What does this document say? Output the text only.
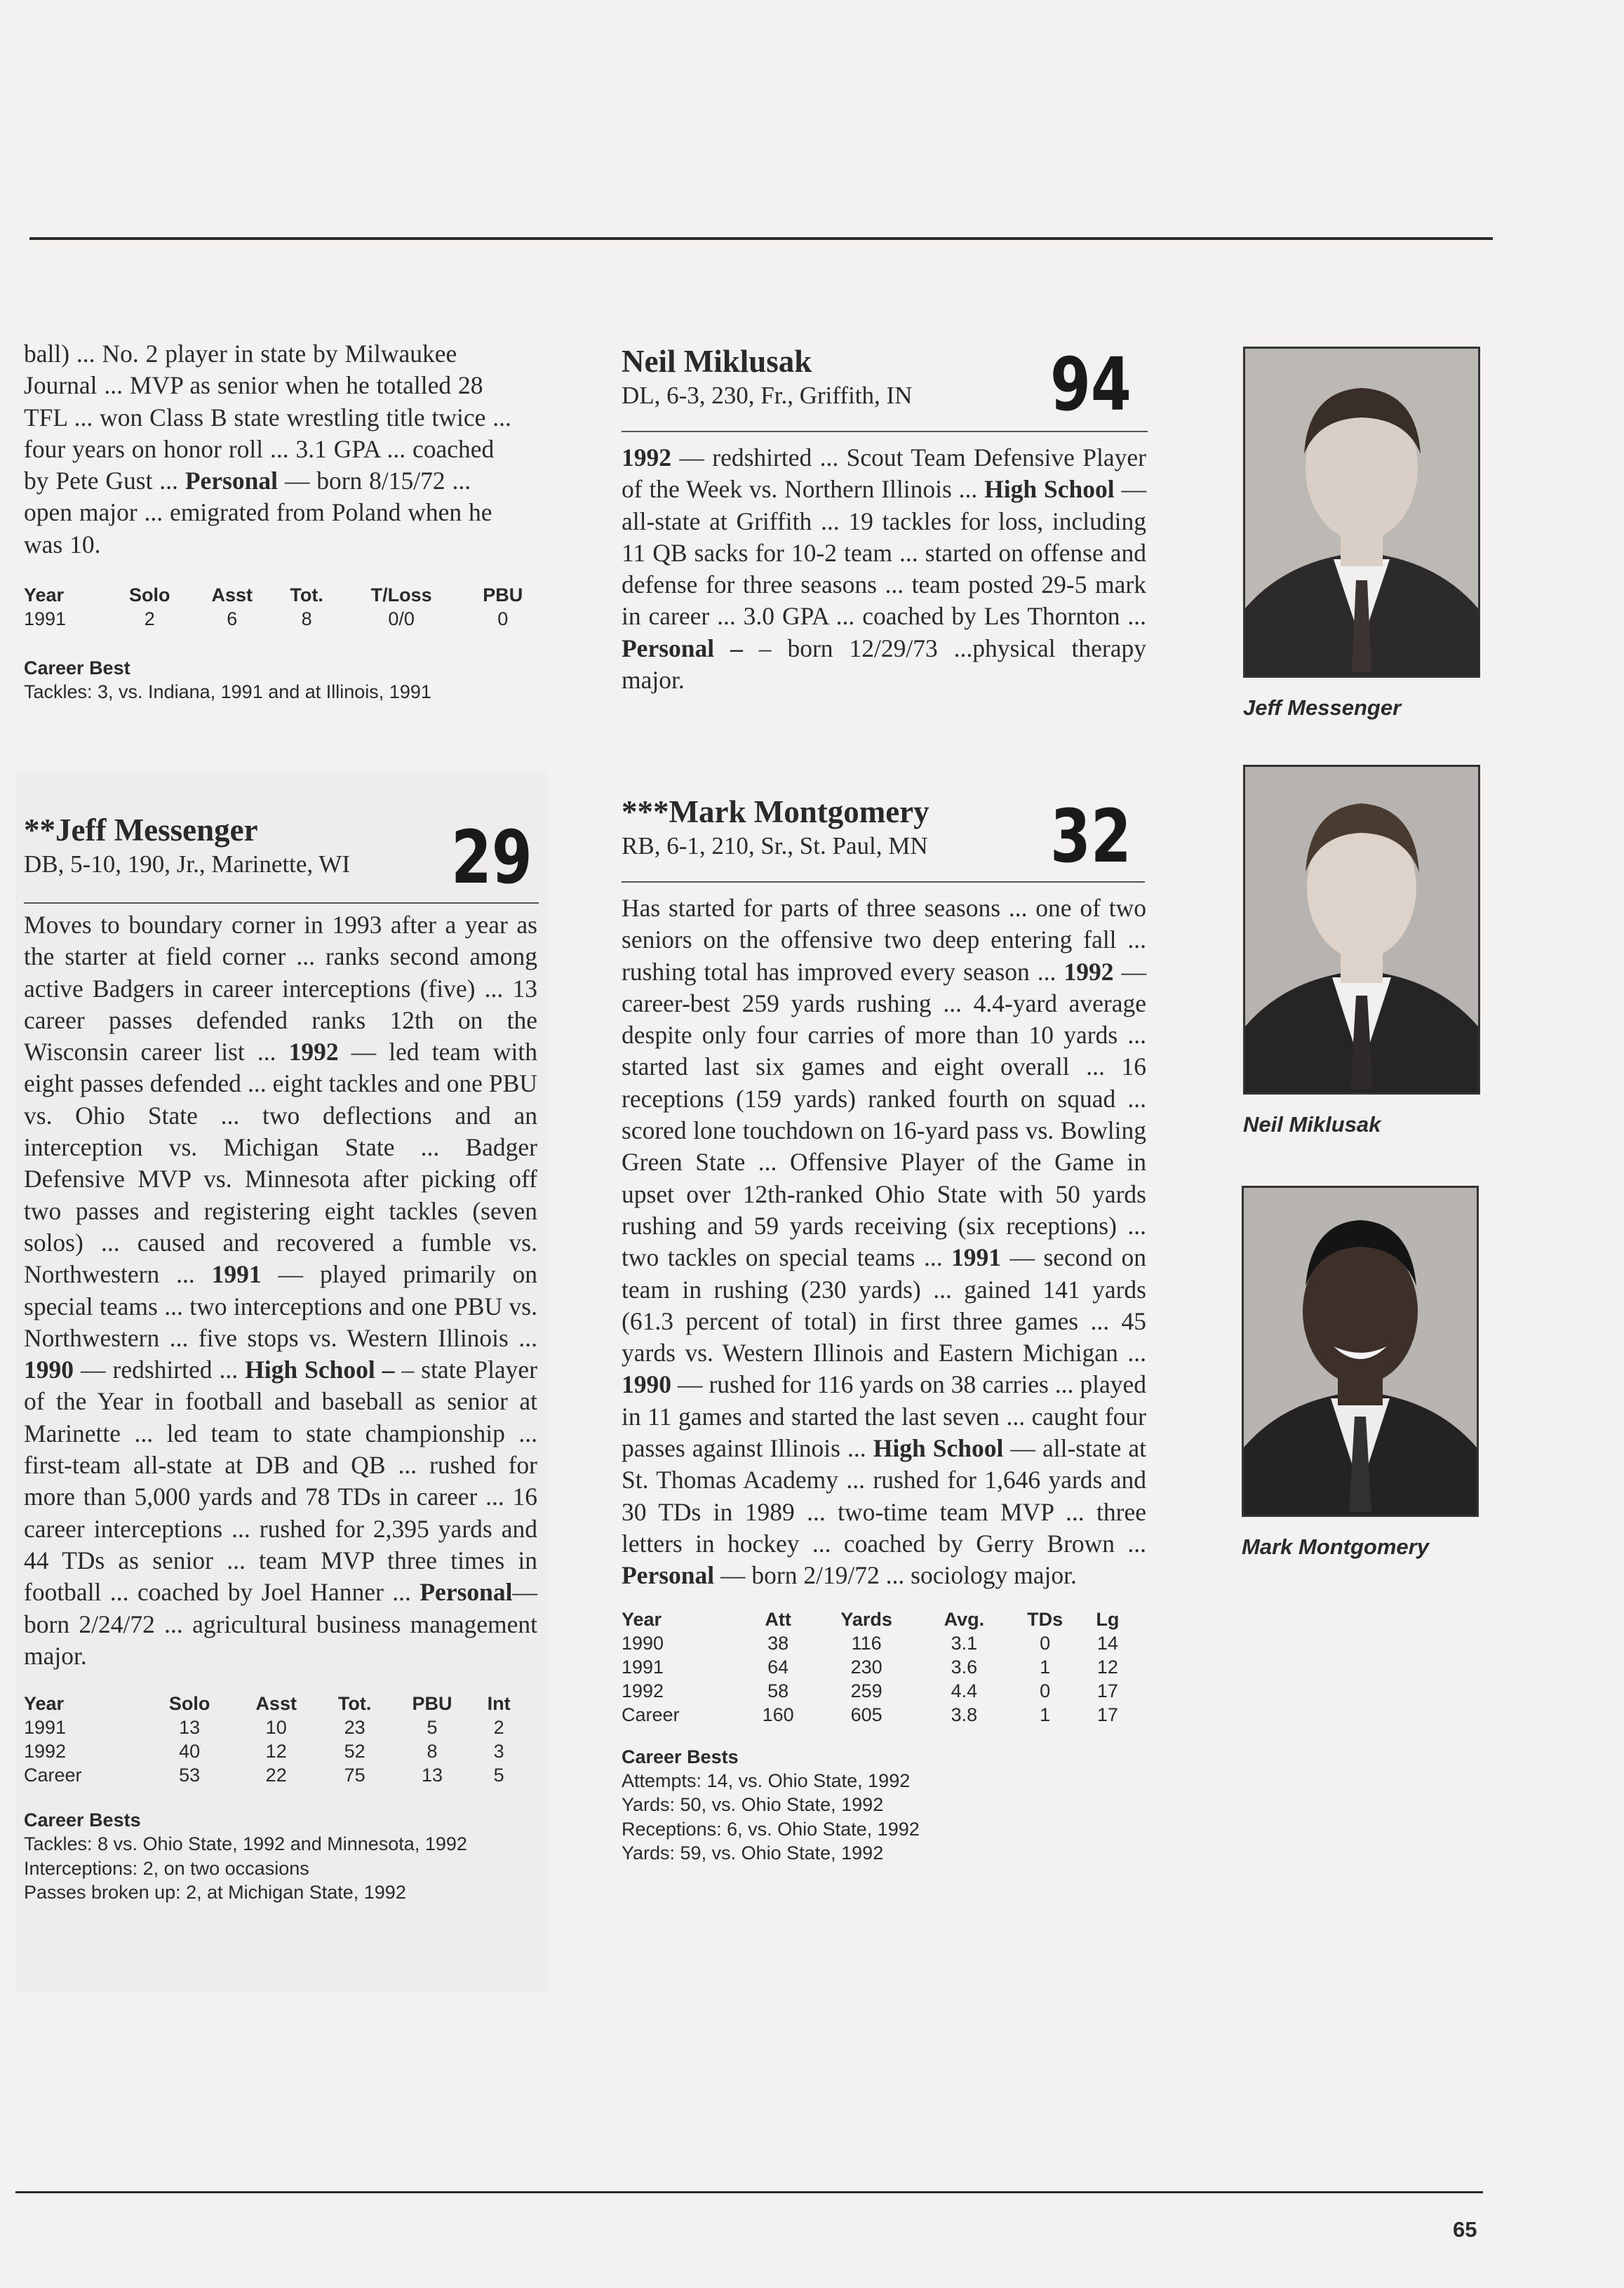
ball) ... No. 2 player in state by Milwaukee
Journal ... MVP as senior when he totalled 28
TFL ... won Class B state wrestling title twice ...
four years on honor roll ... 3.1 GPA ... coached
by Pete Gust ... Personal — born 8/15/72 ...
open major ... emigrated from Poland when he
was 10.

Year	Solo	Asst	Tot.	T/Loss	PBU
1991	2	6	8	0/0	0

Career Best

Tackles: 3, vs. Indiana, 1991 and at Illinois, 1991

**Jeff Messenger

DB, 5-10, 190, Jr., Marinette, WI	29

Moves to boundary corner in 1993 after a year as the starter at field corner ... ranks second among active Badgers in career interceptions (five) ... 13 career passes defended ranks 12th on the Wisconsin career list ... 1992 — led team with eight passes defended ... eight tackles and one PBU vs. Ohio State ... two deflections and an interception vs. Michigan State ... Badger Defensive MVP vs. Minnesota after picking off two passes and registering eight tackles (seven solos) ... caused and recovered a fumble vs. Northwestern ... 1991 — played primarily on special teams ... two interceptions and one PBU vs. Northwestern ... five stops vs. Western Illinois ... 1990 — redshirted ... High School – – state Player of the Year in football and baseball as senior at Marinette ... led team to state championship ... first-team all-state at DB and QB ... rushed for more than 5,000 yards and 78 TDs in career ... 16 career interceptions ... rushed for 2,395 yards and 44 TDs as senior ... team MVP three times in football ... coached by Joel Hanner ... Personal— born 2/24/72 ... agricultural business management major.

Year	Solo	Asst	Tot.	PBU	Int
1991	13	10	23	5	2
1992	40	12	52	8	3
Career	53	22	75	13	5

Career Bests

Tackles: 8 vs. Ohio State, 1992 and Minnesota, 1992

Interceptions: 2, on two occasions

Passes broken up: 2, at Michigan State, 1992

Neil Miklusak

DL, 6-3, 230, Fr., Griffith, IN	94

1992 — redshirted ... Scout Team Defensive Player of the Week vs. Northern Illinois ... High School — all-state at Griffith ... 19 tackles for loss, including 11 QB sacks for 10-2 team ... started on offense and defense for three seasons ... team posted 29-5 mark in career ... 3.0 GPA ... coached by Les Thornton ... Personal – – born 12/29/73 ...physical therapy major.

***Mark Montgomery

RB, 6-1, 210, Sr., St. Paul, MN	32

Has started for parts of three seasons ... one of two seniors on the offensive two deep entering fall ... rushing total has improved every season ... 1992 — career-best 259 yards rushing ... 4.4-yard average despite only four carries of more than 10 yards ... started last six games and eight overall ... 16 receptions (159 yards) ranked fourth on squad ... scored lone touchdown on 16-yard pass vs. Bowling Green State ... Offensive Player of the Game in upset over 12th-ranked Ohio State with 50 yards rushing and 59 yards receiving (six receptions) ... two tackles on special teams ... 1991 — second on team in rushing (230 yards) ... gained 141 yards (61.3 percent of total) in first three games ... 45 yards vs. Western Illinois and Eastern Michigan ... 1990 — rushed for 116 yards on 38 carries ... played in 11 games and started the last seven ... caught four passes against Illinois ... High School — all-state at St. Thomas Academy ... rushed for 1,646 yards and 30 TDs in 1989 ... two-time team MVP ... three letters in hockey ... coached by Gerry Brown ... Personal — born 2/19/72 ... sociology major.

Year	Att	Yards	Avg.	TDs	Lg
1990	38	116	3.1	0	14
1991	64	230	3.6	1	12
1992	58	259	4.4	0	17
Career	160	605	3.8	1	17

Career Bests

Attempts: 14, vs. Ohio State, 1992

Yards: 50, vs. Ohio State, 1992

Receptions: 6, vs. Ohio State, 1992

Yards: 59, vs. Ohio State, 1992

Jeff Messenger
Neil Miklusak
Mark Montgomery
65
